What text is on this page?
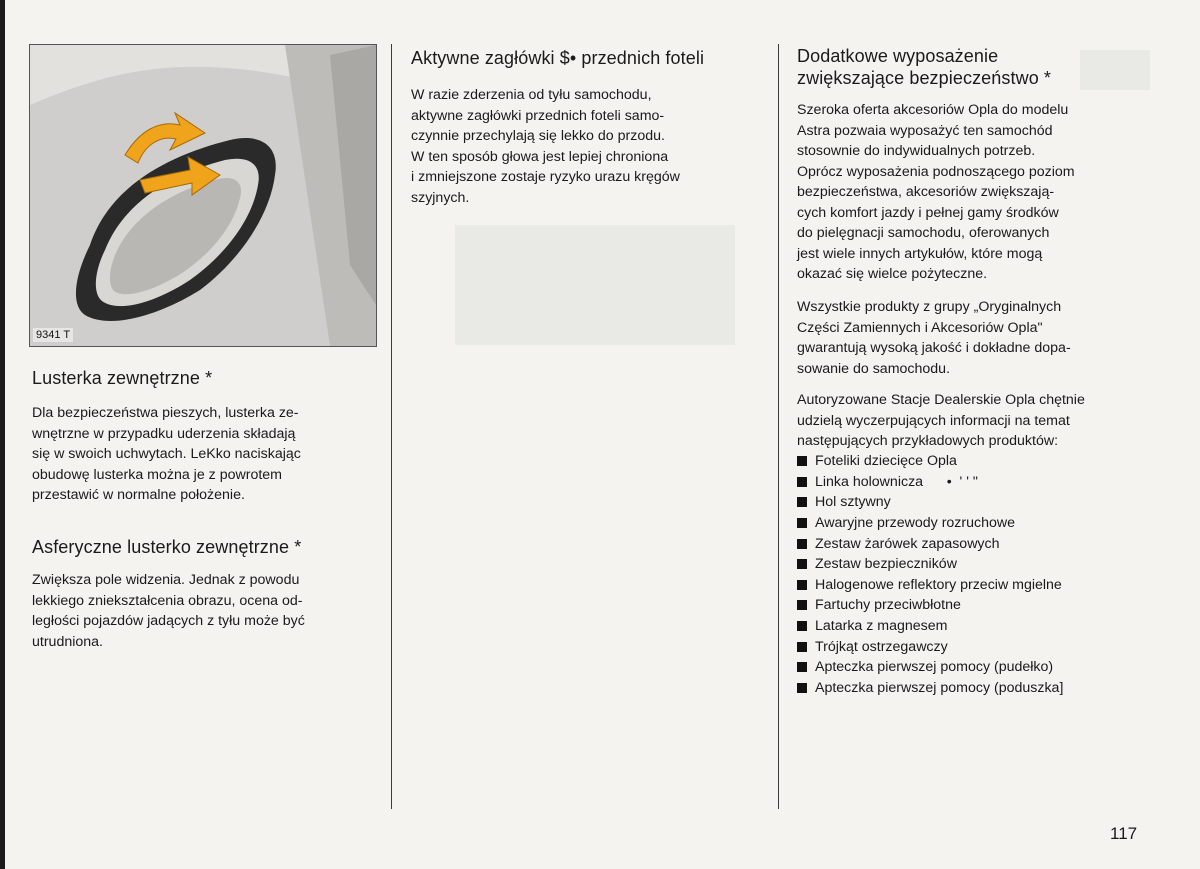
9341 T
Lusterka zewnętrzne *

Dla bezpieczeństwa pieszych, lusterka ze-
wnętrzne w przypadku uderzenia składają
się w swoich uchwytach. LeKko naciskając
obudowę lusterka można je z powrotem
przestawić w normalne położenie.

Asferyczne lusterko zewnętrzne *

Zwiększa pole widzenia. Jednak z powodu
lekkiego zniekształcenia obrazu, ocena od-
ległości pojazdów jadących z tyłu może być
utrudniona.

Aktywne zagłówki $• przednich foteli

W razie zderzenia od tyłu samochodu,
aktywne zagłówki przednich foteli samo-
czynnie przechylają się lekko do przodu.
W ten sposób głowa jest lepiej chroniona
i zmniejszone zostaje ryzyko urazu kręgów
szyjnych.

Dodatkowe wyposażenie
zwiększające bezpieczeństwo *

Szeroka oferta akcesoriów Opla do modelu
Astra pozwaia wyposażyć ten samochód
stosownie do indywidualnych potrzeb.
Oprócz wyposażenia podnoszącego poziom
bezpieczeństwa, akcesoriów zwiększają-
cych komfort jazdy i pełnej gamy środków
do pielęgnacji samochodu, oferowanych
jest wiele innych artykułów, które mogą
okazać się wielce pożyteczne.

Wszystkie produkty z grupy „Oryginalnych
Części Zamiennych i Akcesoriów Opla"
gwarantują wysoką jakość i dokładne dopa-
sowanie do samochodu.

Autoryzowane Stacje Dealerskie Opla chętnie
udzielą wyczerpujących informacji na temat
następujących przykładowych produktów:

Foteliki dziecięce Opla
Linka holownicza      •  ' ' "
Hol sztywny
Awaryjne przewody rozruchowe
Zestaw żarówek zapasowych
Zestaw bezpieczników
Halogenowe reflektory przeciw mgielne
Fartuchy przeciwbłotne
Latarka z magnesem
Trójkąt ostrzegawczy
Apteczka pierwszej pomocy (pudełko)
Apteczka pierwszej pomocy (poduszka]
117
